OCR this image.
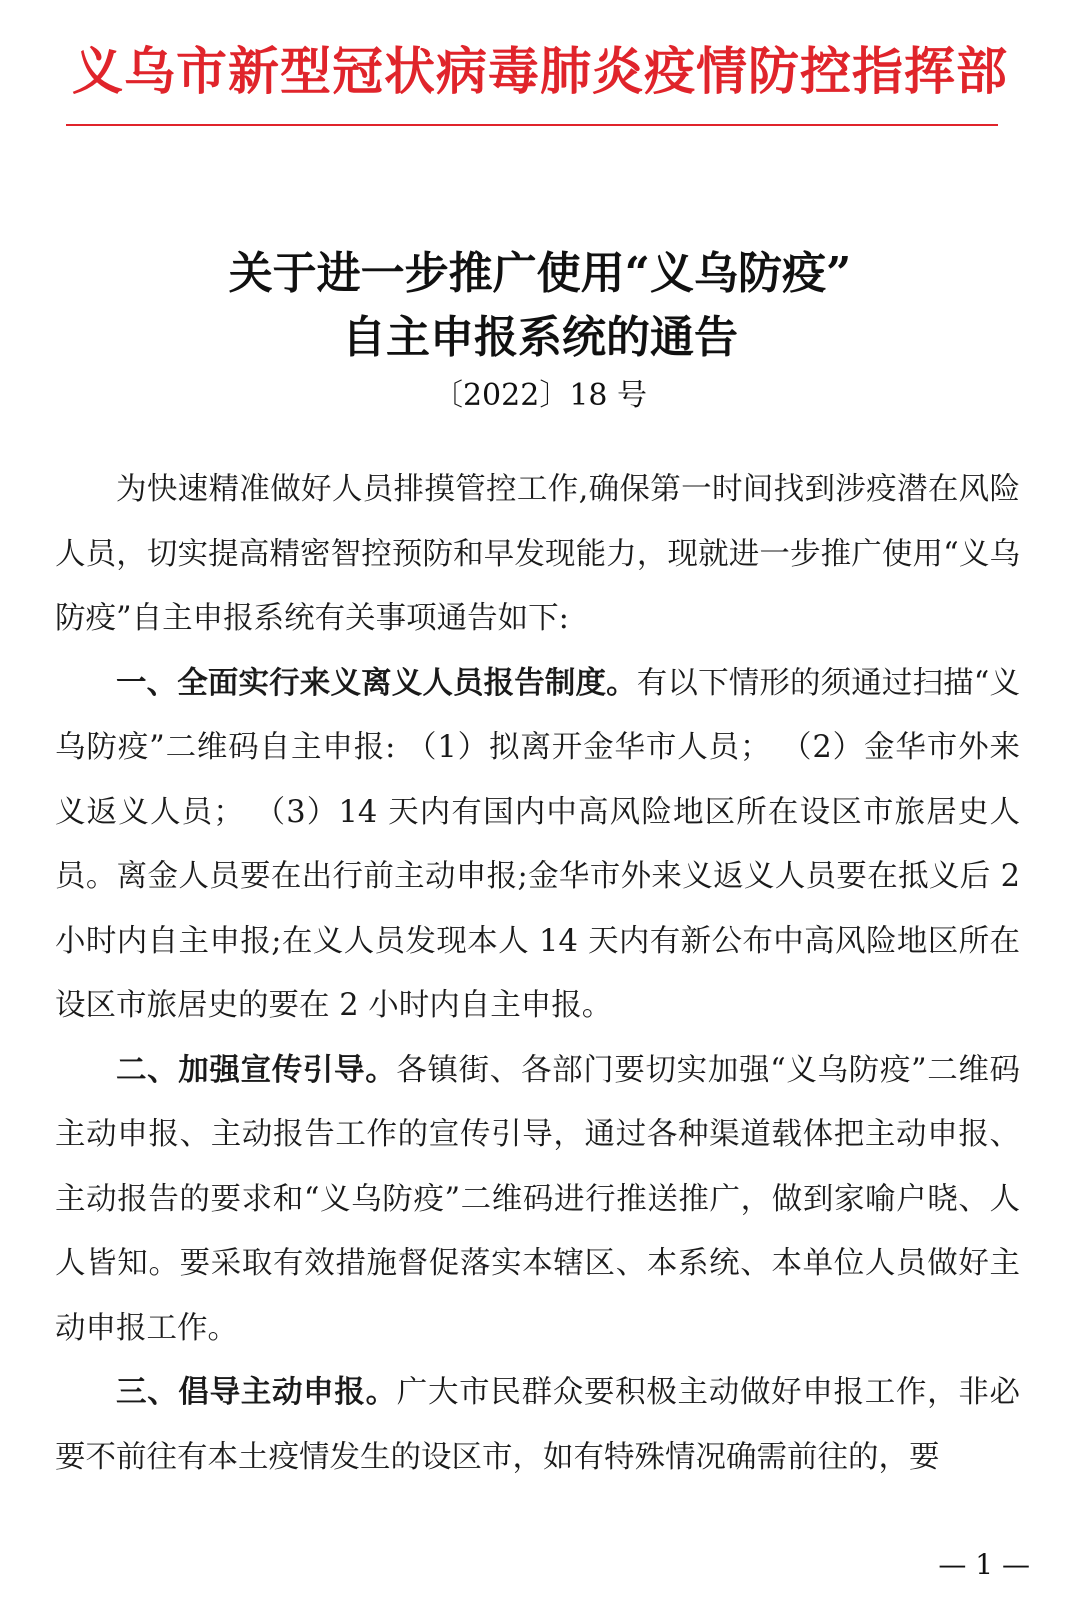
义乌市新型冠状病毒肺炎疫情防控指挥部
关于进一步推广使用“义乌防疫”
自主申报系统的通告
〔2022〕18 号

为快速精准做好人员排摸管控工作,确保第一时间找到涉疫潜在风险人员，切实提高精密智控预防和早发现能力，现就进一步推广使用“义乌防疫”自主申报系统有关事项通告如下:

一、全面实行来义离义人员报告制度。有以下情形的须通过扫描“义乌防疫”二维码自主申报: （1）拟离开金华市人员； （2）金华市外来义返义人员； （3）14 天内有国内中高风险地区所在设区市旅居史人员。离金人员要在出行前主动申报;金华市外来义返义人员要在抵义后 2 小时内自主申报;在义人员发现本人 14 天内有新公布中高风险地区所在设区市旅居史的要在 2 小时内自主申报。

二、加强宣传引导。各镇街、各部门要切实加强“义乌防疫”二维码主动申报、主动报告工作的宣传引导，通过各种渠道载体把主动申报、主动报告的要求和“义乌防疫”二维码进行推送推广，做到家喻户晓、人人皆知。要采取有效措施督促落实本辖区、本系统、本单位人员做好主动申报工作。

三、倡导主动申报。广大市民群众要积极主动做好申报工作，非必要不前往有本土疫情发生的设区市，如有特殊情况确需前往的，要

— 1 —
